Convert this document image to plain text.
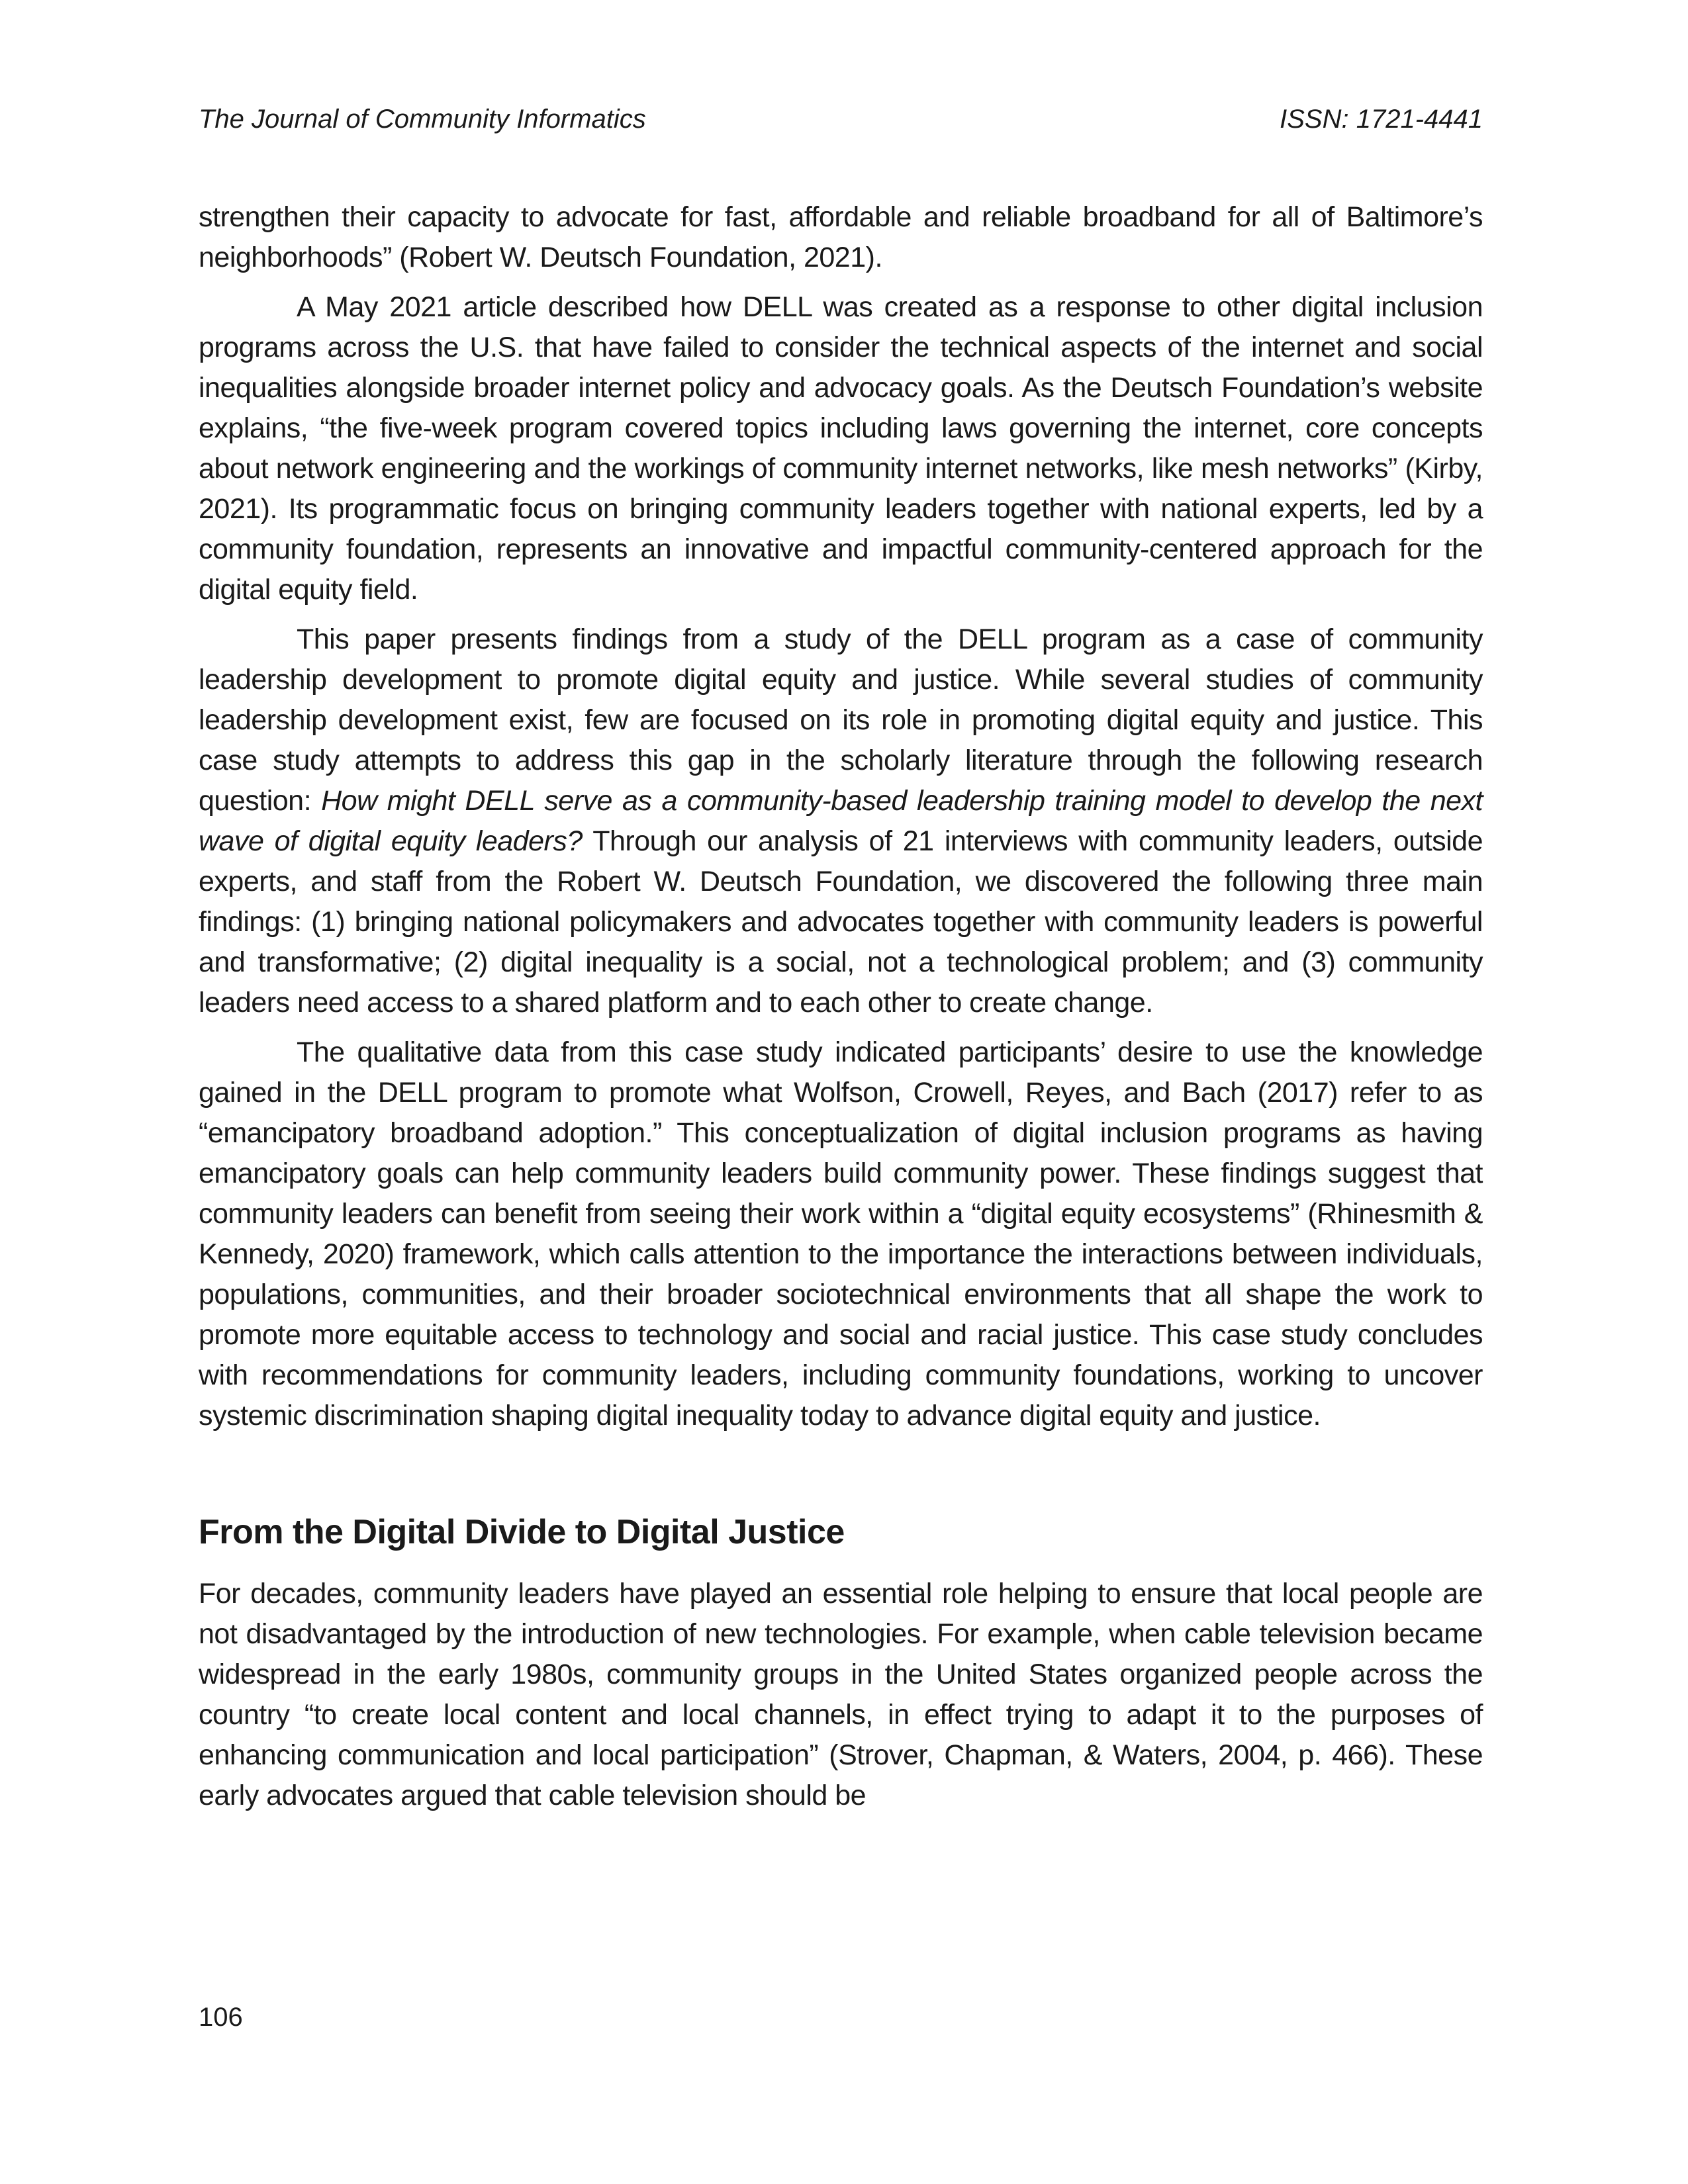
The Journal of Community Informatics	ISSN: 1721-4441

strengthen their capacity to advocate for fast, affordable and reliable broadband for all of Baltimore’s neighborhoods” (Robert W. Deutsch Foundation, 2021).

A May 2021 article described how DELL was created as a response to other digital inclusion programs across the U.S. that have failed to consider the technical aspects of the internet and social inequalities alongside broader internet policy and advocacy goals. As the Deutsch Foundation’s website explains, “the five-week program covered topics including laws governing the internet, core concepts about network engineering and the workings of community internet networks, like mesh networks” (Kirby, 2021). Its programmatic focus on bringing community leaders together with national experts, led by a community foundation, represents an innovative and impactful community-centered approach for the digital equity field.

This paper presents findings from a study of the DELL program as a case of community leadership development to promote digital equity and justice. While several studies of community leadership development exist, few are focused on its role in promoting digital equity and justice. This case study attempts to address this gap in the scholarly literature through the following research question: How might DELL serve as a community-based leadership training model to develop the next wave of digital equity leaders? Through our analysis of 21 interviews with community leaders, outside experts, and staff from the Robert W. Deutsch Foundation, we discovered the following three main findings: (1) bringing national policymakers and advocates together with community leaders is powerful and transformative; (2) digital inequality is a social, not a technological problem; and (3) community leaders need access to a shared platform and to each other to create change.

The qualitative data from this case study indicated participants’ desire to use the knowledge gained in the DELL program to promote what Wolfson, Crowell, Reyes, and Bach (2017) refer to as “emancipatory broadband adoption.” This conceptualization of digital inclusion programs as having emancipatory goals can help community leaders build community power. These findings suggest that community leaders can benefit from seeing their work within a “digital equity ecosystems” (Rhinesmith & Kennedy, 2020) framework, which calls attention to the importance the interactions between individuals, populations, communities, and their broader sociotechnical environments that all shape the work to promote more equitable access to technology and social and racial justice. This case study concludes with recommendations for community leaders, including community foundations, working to uncover systemic discrimination shaping digital inequality today to advance digital equity and justice.

From the Digital Divide to Digital Justice

For decades, community leaders have played an essential role helping to ensure that local people are not disadvantaged by the introduction of new technologies. For example, when cable television became widespread in the early 1980s, community groups in the United States organized people across the country “to create local content and local channels, in effect trying to adapt it to the purposes of enhancing communication and local participation” (Strover, Chapman, & Waters, 2004, p. 466). These early advocates argued that cable television should be

106
